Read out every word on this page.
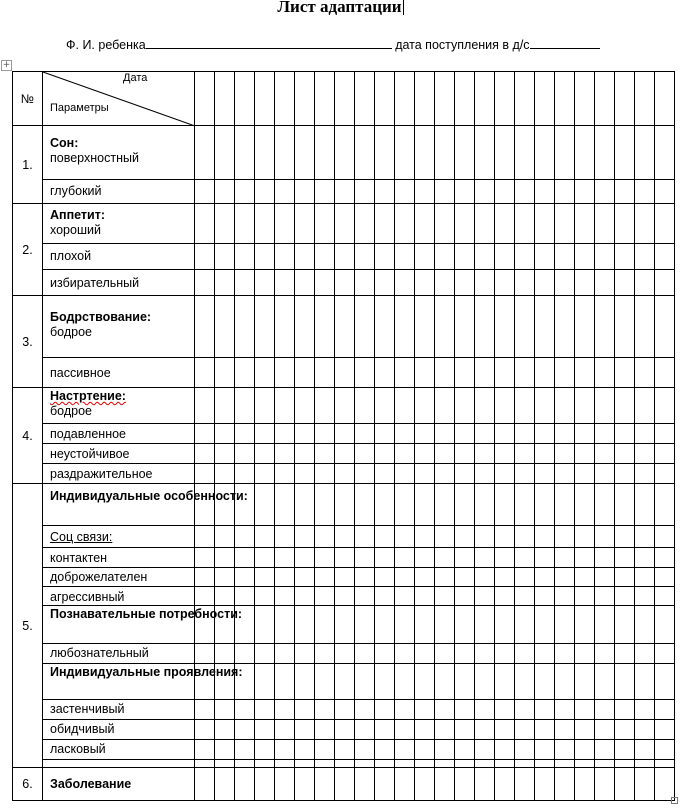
Лист адаптации
Ф. И. ребенка	дата поступления в д/с
+
№	Дата
Параметры																								

1.	Сон:
поверхностный																								

	глубокий																								

2.	Аппетит:
хороший																								

	плохой																								

	избирательный																								

3.	Бодрствование:
бодрое																								

	пассивное																								

4.	Настртение:
бодрое																								

	подавленное																								

	неустойчивое																								

	раздражительное																								

5.	Индивидуальные особенности:																								

	Соц связи:																								

	контактен																								

	доброжелателен																								

	агрессивный																								

	Познавательные потребности:																								

	любознательный																								

	Индивидуальные проявления:																								

	застенчивый																								

	обидчивый																								

	ласковый																								

6.	Заболевание																								
